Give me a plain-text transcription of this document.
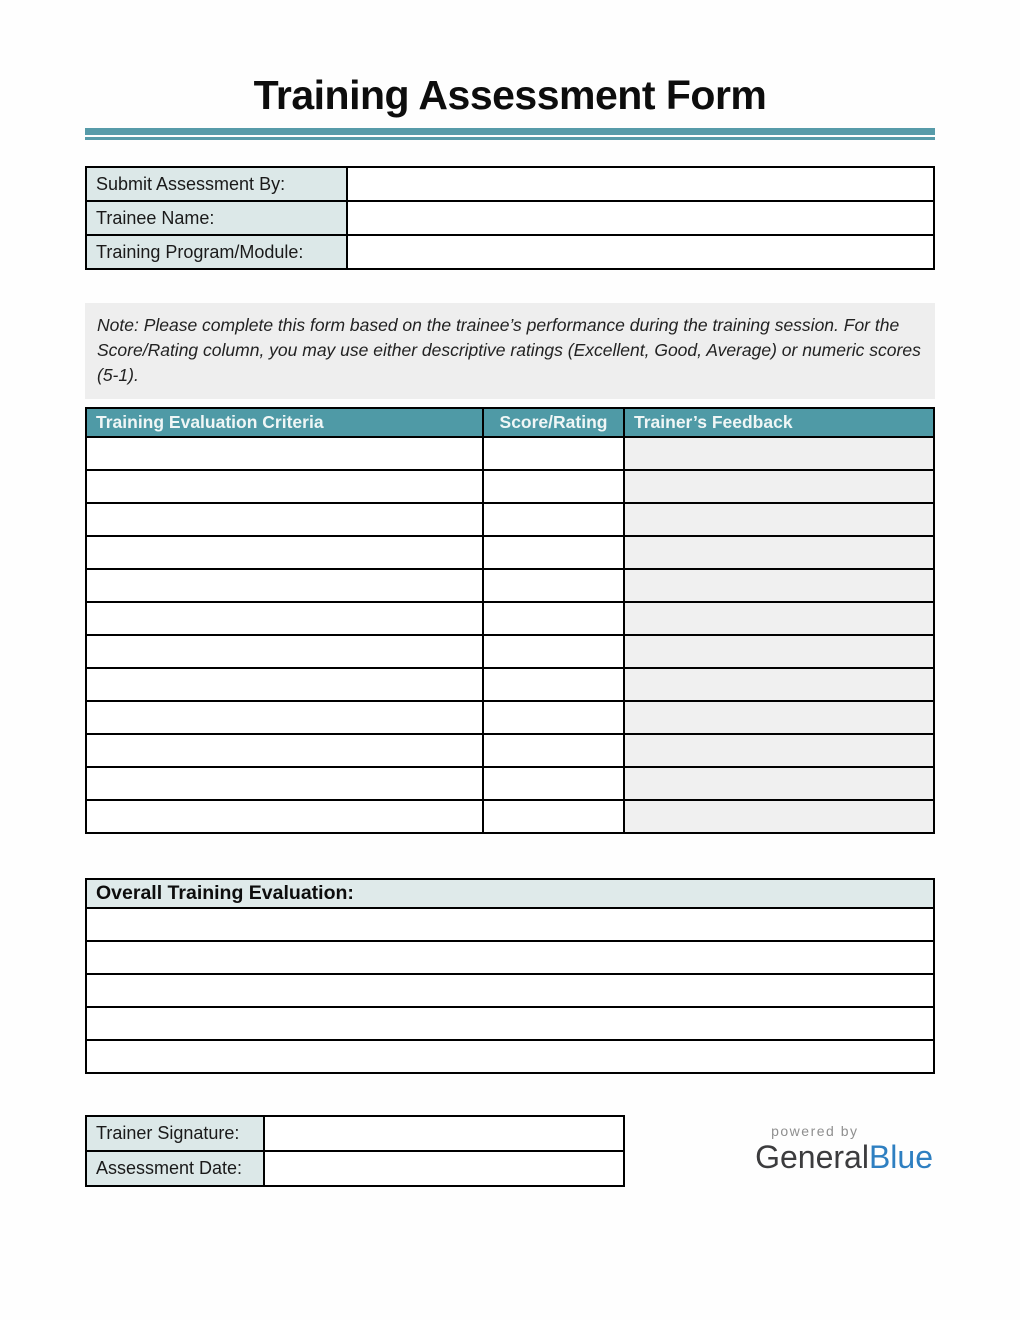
Training Assessment Form
Submit Assessment By:	
Trainee Name:	
Training Program/Module:	
Note: Please complete this form based on the trainee’s performance during the training session. For the Score/Rating column, you may use either descriptive ratings (Excellent, Good, Average) or numeric scores (5-1).
Training Evaluation Criteria	Score/Rating	Trainer’s Feedback

Overall Training Evaluation:

Trainer Signature:	
Assessment Date:	
powered by
GeneralBlue
